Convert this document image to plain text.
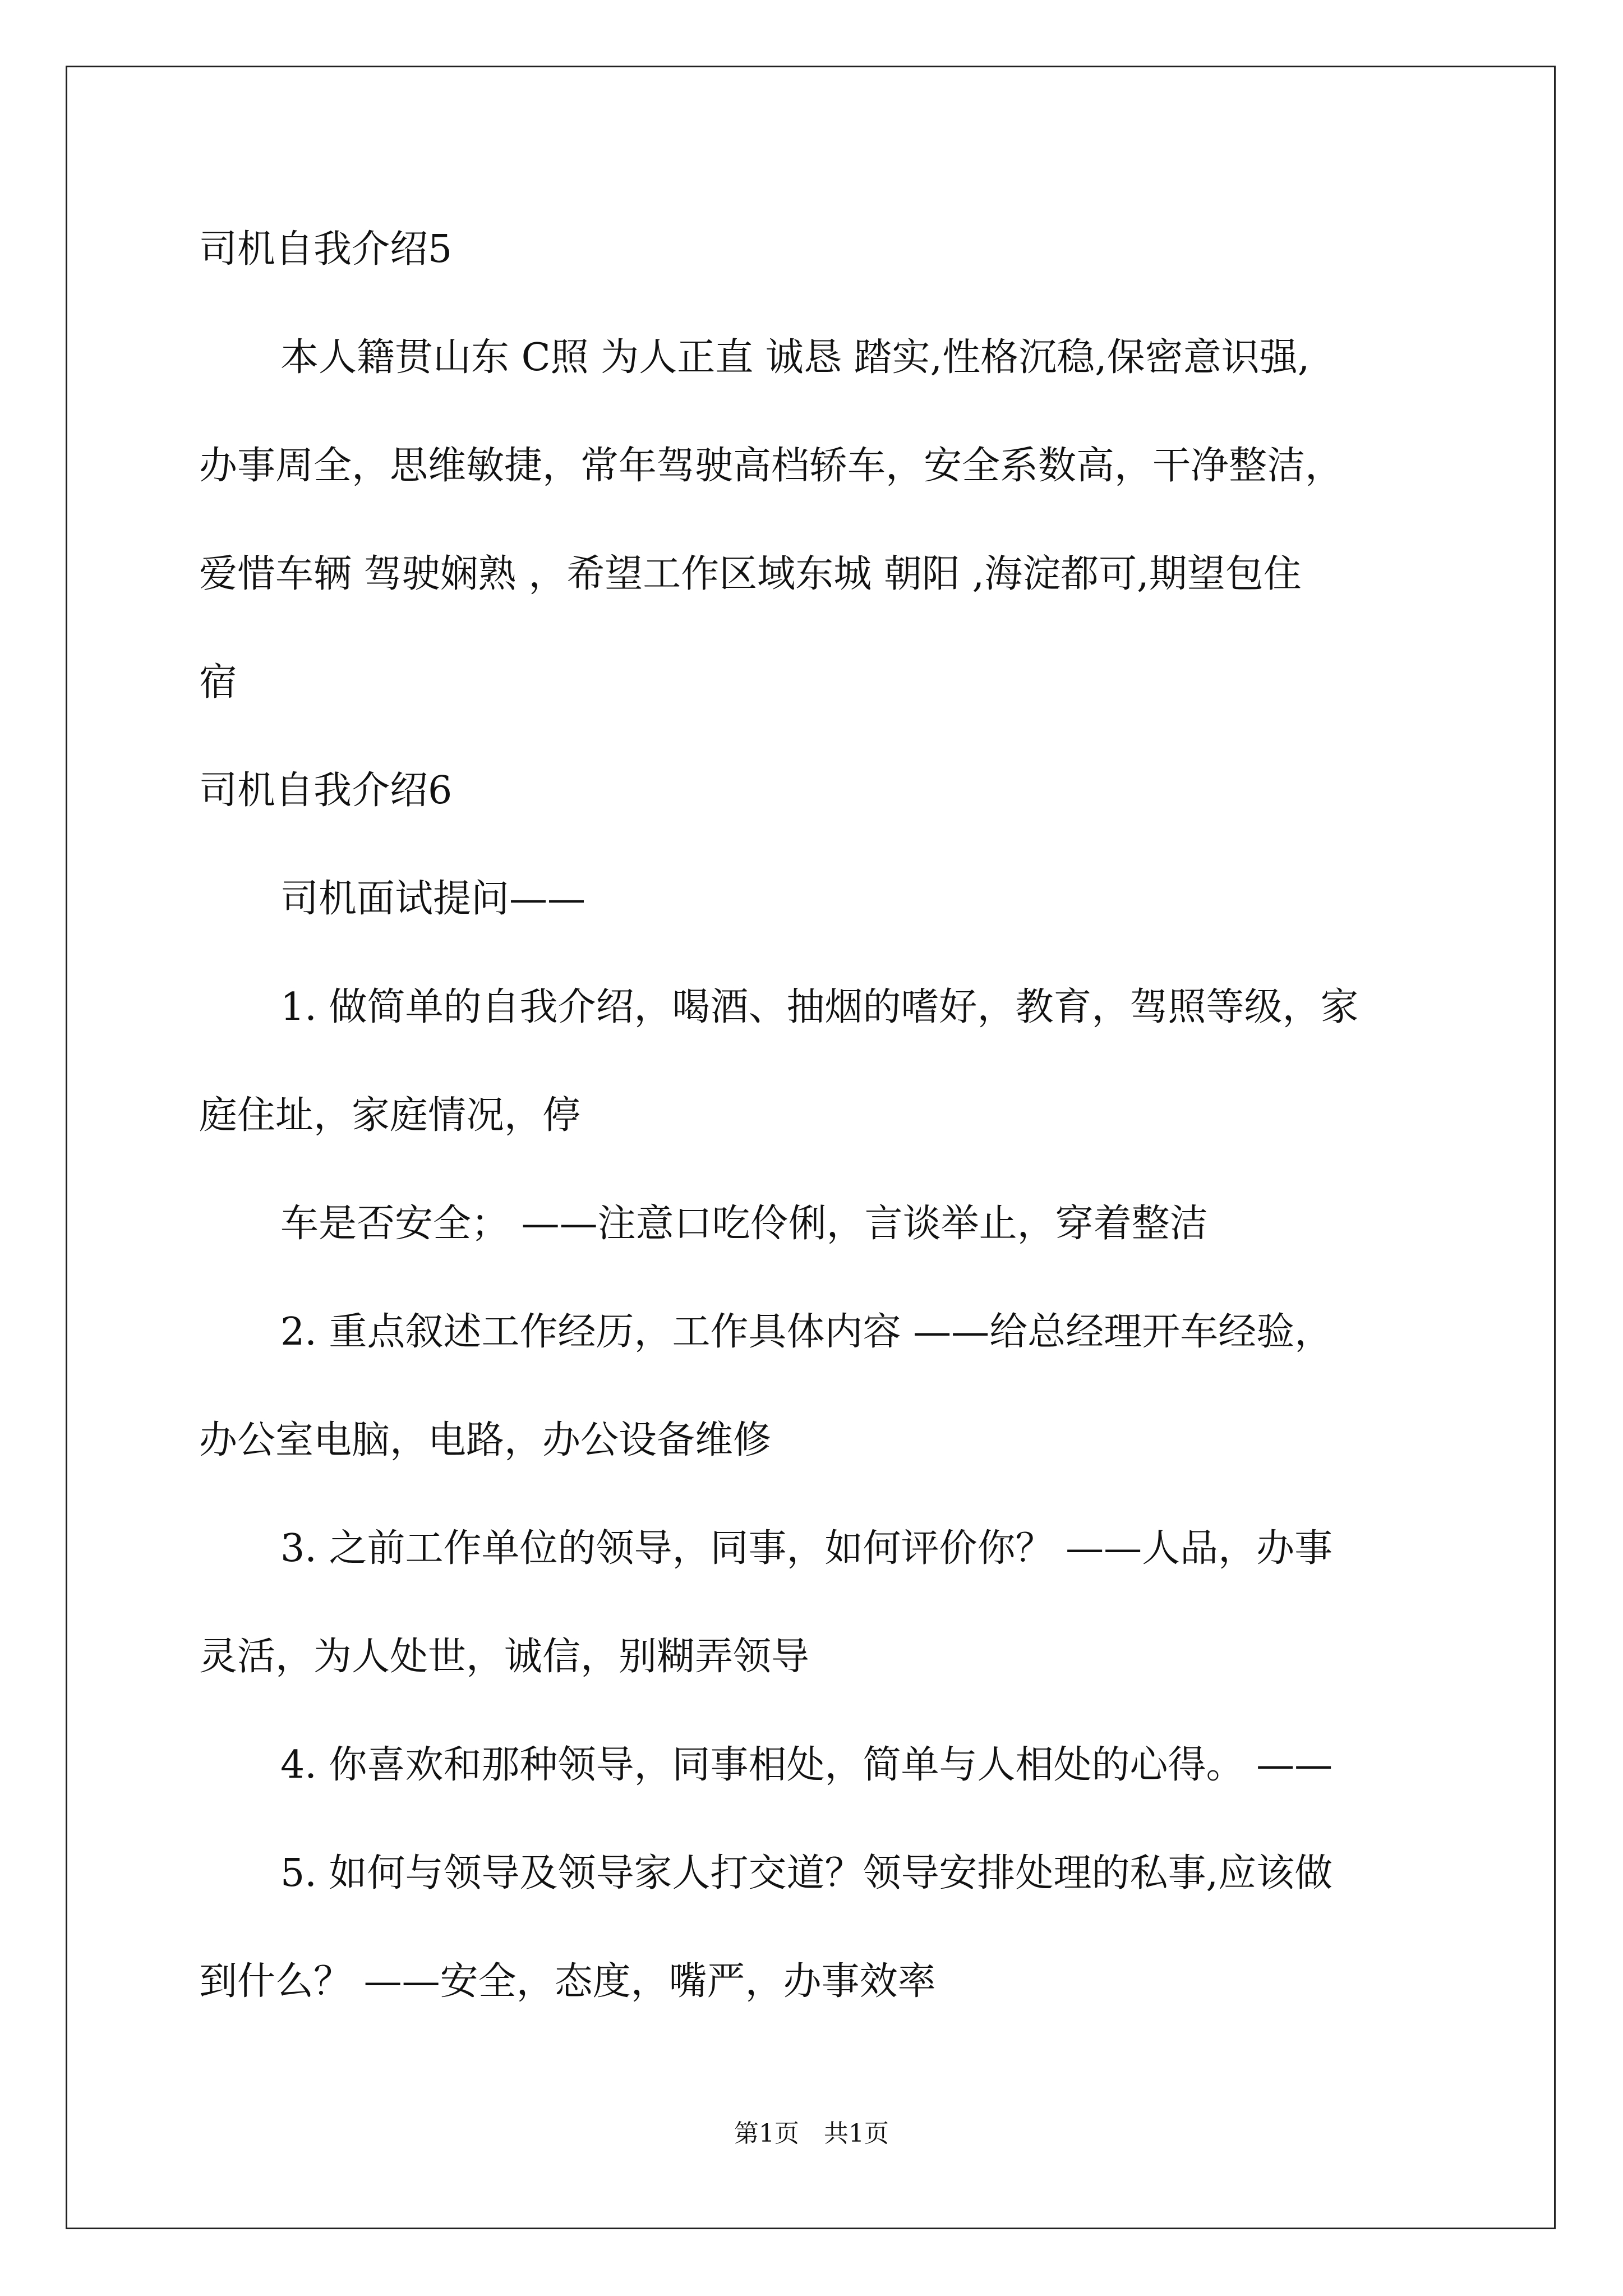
司机自我介绍5

本人籍贯山东 C照 为人正直 诚恳 踏实,性格沉稳,保密意识强,

办事周全，思维敏捷，常年驾驶高档轿车，安全系数高，干净整洁，

爱惜车辆 驾驶娴熟 ，希望工作区域东城 朝阳 ,海淀都可,期望包住

宿

司机自我介绍6

司机面试提问——

1. 做简单的自我介绍，喝酒、抽烟的嗜好，教育，驾照等级，家

庭住址，家庭情况，停

车是否安全； ——注意口吃伶俐，言谈举止，穿着整洁

2. 重点叙述工作经历，工作具体内容 ——给总经理开车经验，

办公室电脑，电路，办公设备维修

3. 之前工作单位的领导，同事，如何评价你？ ——人品，办事

灵活，为人处世，诚信，别糊弄领导

4. 你喜欢和那种领导，同事相处，简单与人相处的心得。 ——

5. 如何与领导及领导家人打交道？领导安排处理的私事,应该做

到什么？ ——安全，态度，嘴严，办事效率

第1页　共1页
